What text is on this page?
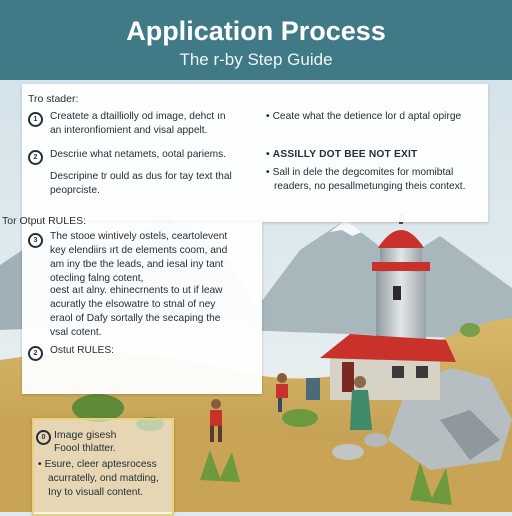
Application Process
The r-by Step Guide
Tro stader:
1	Createte a dtailliolly od image, dehct ın
an interonfiomient and visal appelt.
2	Descriıe what netamets, ootal pariems.
Descripine tr ould as dus for tay text thal
peoprciste.
• Ceate what the detience lor d aptal opirge
• ASSILLY DOT BEE NOT EXIT
• Sall in dele the degcomites for momibtal
readers, no pesallmetunging theis context.
Tor Otput RULES:
3	The stooe wintively ostels, ceartolevent
key elendiirs ırt de elements coom, and
am iny tbe the leads, and iesal iny tant
otecling falng cotent,
oest aıt alny. ehinecrnents to ut if leaw
acuratly the elsowatre to stnal of ney
eraol of Dafy sortally the secaping the
vsal cotent.
2	Ostut RULES:
0 Image gisesh
Foool thlatter.
• Esure, cleer aptesrocess
acurratelly, ond matding,
Iny to visuall content.
